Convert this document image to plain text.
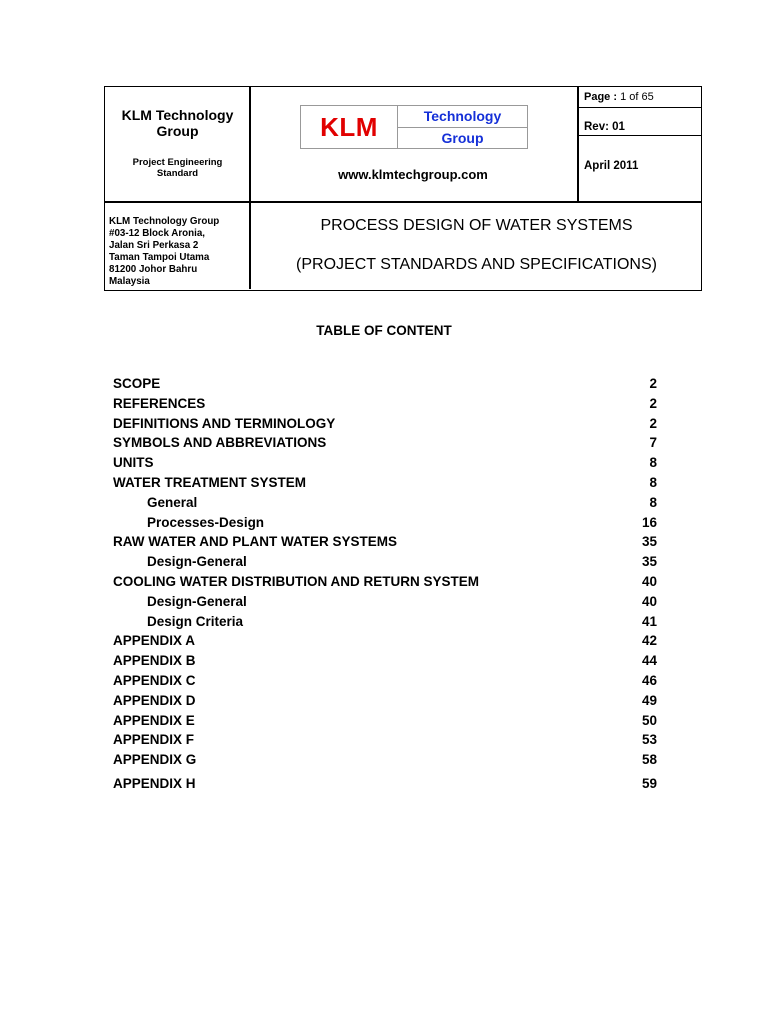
KLM Technology
Group
Project Engineering
Standard
KLM	Technology
Group
www.klmtechgroup.com
Page : 1 of 65
Rev: 01
April 2011
KLM Technology Group
#03-12 Block Aronia,
Jalan Sri Perkasa 2
Taman Tampoi Utama
81200 Johor Bahru
Malaysia
PROCESS DESIGN OF WATER SYSTEMS
(PROJECT STANDARDS AND SPECIFICATIONS)
TABLE OF CONTENT
SCOPE	2
REFERENCES	2
DEFINITIONS AND TERMINOLOGY	2
SYMBOLS AND ABBREVIATIONS	7
UNITS	8
WATER TREATMENT SYSTEM	8
General	8
Processes-Design	16
RAW WATER AND PLANT WATER SYSTEMS	35
Design-General	35
COOLING WATER DISTRIBUTION AND RETURN SYSTEM	40
Design-General	40
Design Criteria	41
APPENDIX A	42
APPENDIX B	44
APPENDIX C	46
APPENDIX D	49
APPENDIX E	50
APPENDIX F	53
APPENDIX G	58
APPENDIX H	59
